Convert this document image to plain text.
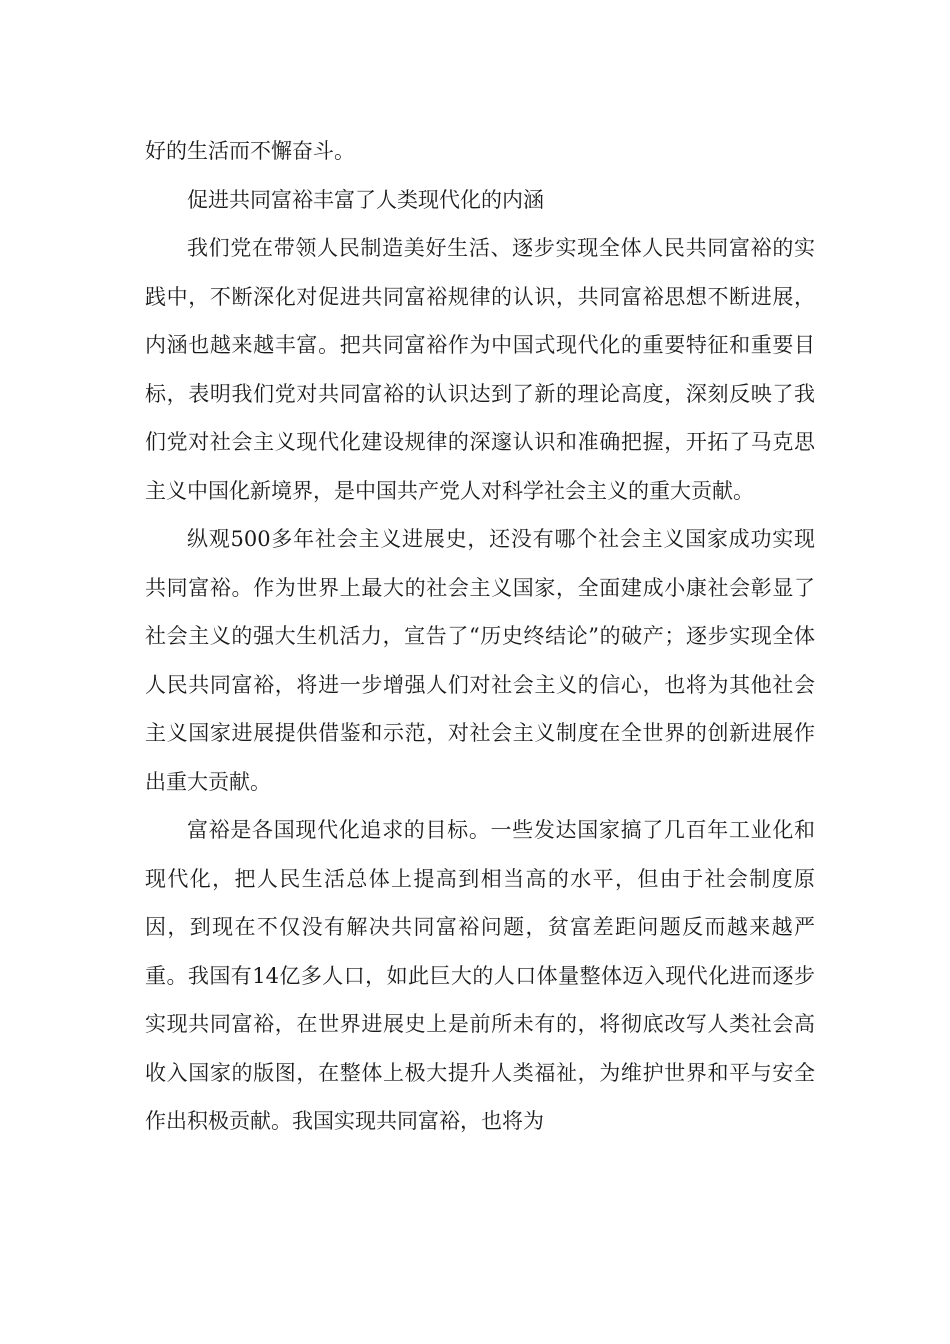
好的生活而不懈奋斗。

促进共同富裕丰富了人类现代化的内涵

我们党在带领人民制造美好生活、逐步实现全体人民共同富裕的实践中，不断深化对促进共同富裕规律的认识，共同富裕思想不断进展，内涵也越来越丰富。把共同富裕作为中国式现代化的重要特征和重要目标，表明我们党对共同富裕的认识达到了新的理论高度，深刻反映了我们党对社会主义现代化建设规律的深邃认识和准确把握，开拓了马克思主义中国化新境界，是中国共产党人对科学社会主义的重大贡献。

纵观500多年社会主义进展史，还没有哪个社会主义国家成功实现共同富裕。作为世界上最大的社会主义国家，全面建成小康社会彰显了社会主义的强大生机活力，宣告了“历史终结论”的破产；逐步实现全体人民共同富裕，将进一步增强人们对社会主义的信心，也将为其他社会主义国家进展提供借鉴和示范，对社会主义制度在全世界的创新进展作出重大贡献。

富裕是各国现代化追求的目标。一些发达国家搞了几百年工业化和现代化，把人民生活总体上提高到相当高的水平，但由于社会制度原因，到现在不仅没有解决共同富裕问题，贫富差距问题反而越来越严重。我国有14亿多人口，如此巨大的人口体量整体迈入现代化进而逐步实现共同富裕，在世界进展史上是前所未有的，将彻底改写人类社会高收入国家的版图，在整体上极大提升人类福祉，为维护世界和平与安全作出积极贡献。我国实现共同富裕，也将为
